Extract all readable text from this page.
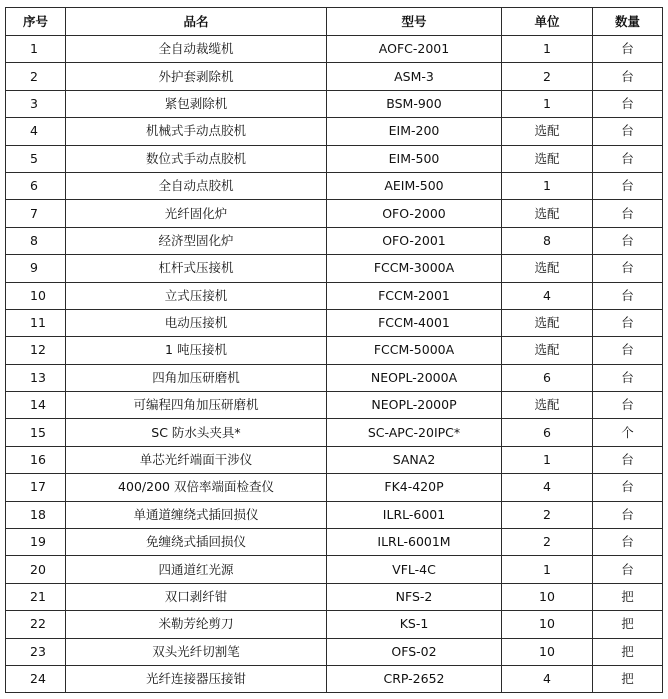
序号	品名	型号	单位	数量
1	全自动裁缆机	AOFC-2001	1	台
2	外护套剥除机	ASM-3	2	台
3	紧包剥除机	BSM-900	1	台
4	机械式手动点胶机	EIM-200	选配	台
5	数位式手动点胶机	EIM-500	选配	台
6	全自动点胶机	AEIM-500	1	台
7	光纤固化炉	OFO-2000	选配	台
8	经济型固化炉	OFO-2001	8	台
9	杠杆式压接机	FCCM-3000A	选配	台
10	立式压接机	FCCM-2001	4	台
11	电动压接机	FCCM-4001	选配	台
12	1 吨压接机	FCCM-5000A	选配	台
13	四角加压研磨机	NEOPL-2000A	6	台
14	可编程四角加压研磨机	NEOPL-2000P	选配	台
15	SC 防水头夹具*	SC-APC-20IPC*	6	个
16	单芯光纤端面干涉仪	SANA2	1	台
17	400/200 双倍率端面检查仪	FK4-420P	4	台
18	单通道缠绕式插回损仪	ILRL-6001	2	台
19	免缠绕式插回损仪	ILRL-6001M	2	台
20	四通道红光源	VFL-4C	1	台
21	双口剥纤钳	NFS-2	10	把
22	米勒芳纶剪刀	KS-1	10	把
23	双头光纤切割笔	OFS-02	10	把
24	光纤连接器压接钳	CRP-2652	4	把
